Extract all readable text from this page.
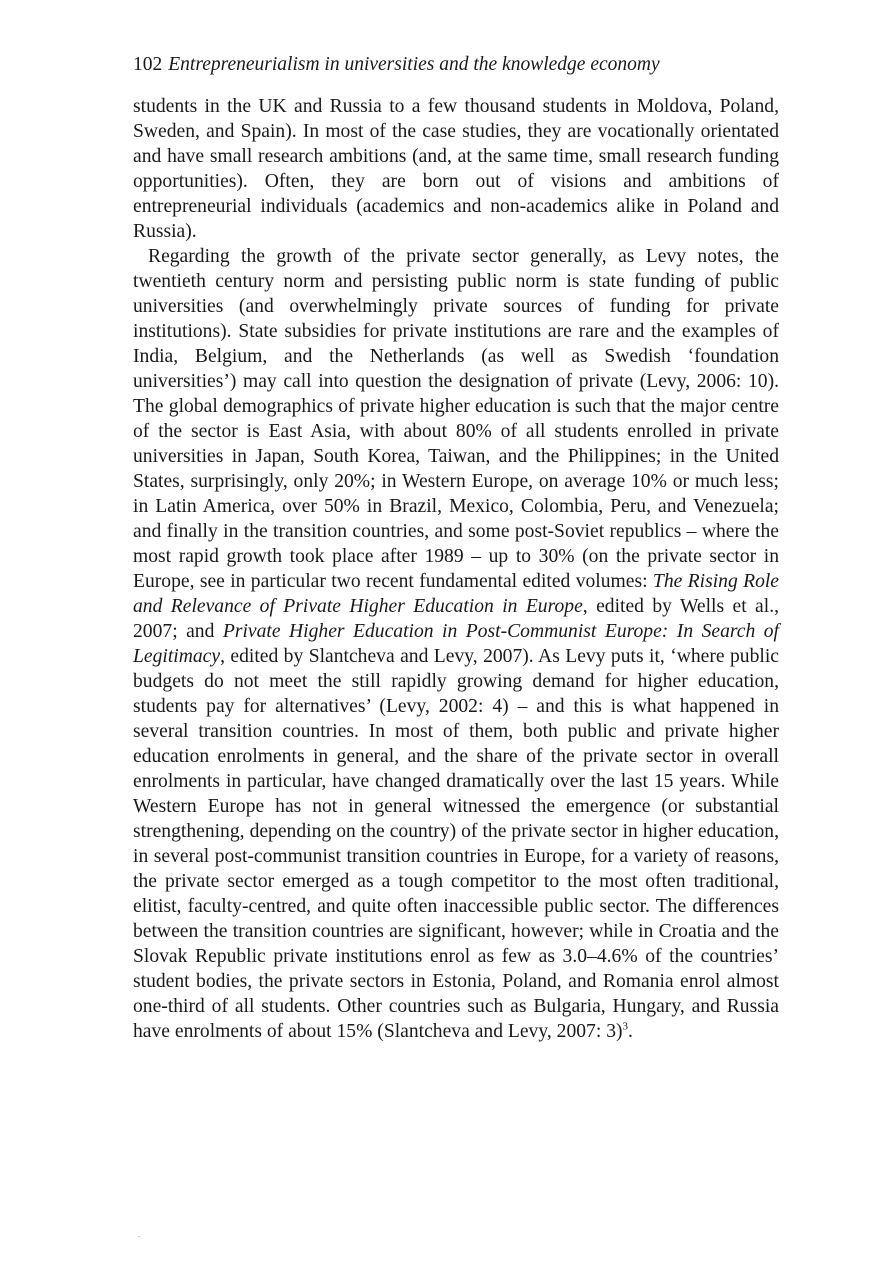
102 Entrepreneurialism in universities and the knowledge economy

students in the UK and Russia to a few thousand students in Moldova, Poland, Sweden, and Spain). In most of the case studies, they are vocationally orientated and have small research ambitions (and, at the same time, small research funding opportunities). Often, they are born out of visions and ambitions of entrepreneurial individuals (academics and non-academics alike in Poland and Russia).

Regarding the growth of the private sector generally, as Levy notes, the twentieth century norm and persisting public norm is state funding of public universities (and overwhelmingly private sources of funding for private institutions). State subsidies for private institutions are rare and the examples of India, Belgium, and the Netherlands (as well as Swedish ‘foundation universities’) may call into question the designation of private (Levy, 2006: 10). The global demographics of private higher education is such that the major centre of the sector is East Asia, with about 80% of all students enrolled in private universities in Japan, South Korea, Taiwan, and the Philippines; in the United States, surprisingly, only 20%; in Western Europe, on average 10% or much less; in Latin America, over 50% in Brazil, Mexico, Colombia, Peru, and Venezuela; and finally in the transition countries, and some post-Soviet republics – where the most rapid growth took place after 1989 – up to 30% (on the private sector in Europe, see in particular two recent fundamental edited volumes: The Rising Role and Relevance of Private Higher Education in Europe, edited by Wells et al., 2007; and Private Higher Education in Post-Communist Europe: In Search of Legitimacy, edited by Slantcheva and Levy, 2007). As Levy puts it, ‘where public budgets do not meet the still rapidly growing demand for higher education, students pay for alternatives’ (Levy, 2002: 4) – and this is what happened in several transition countries. In most of them, both public and private higher education enrolments in general, and the share of the private sector in overall enrolments in particular, have changed dramatically over the last 15 years. While Western Europe has not in general witnessed the emergence (or substantial strengthening, depending on the country) of the private sector in higher education, in several post-communist transition countries in Europe, for a variety of reasons, the private sector emerged as a tough competitor to the most often traditional, elitist, faculty-centred, and quite often inaccessible public sector. The differences between the transition countries are significant, however; while in Croatia and the Slovak Republic private institutions enrol as few as 3.0–4.6% of the countries’ student bodies, the private sectors in Estonia, Poland, and Romania enrol almost one-third of all students. Other countries such as Bulgaria, Hungary, and Russia have enrolments of about 15% (Slantcheva and Levy, 2007: 3)$^3$.
